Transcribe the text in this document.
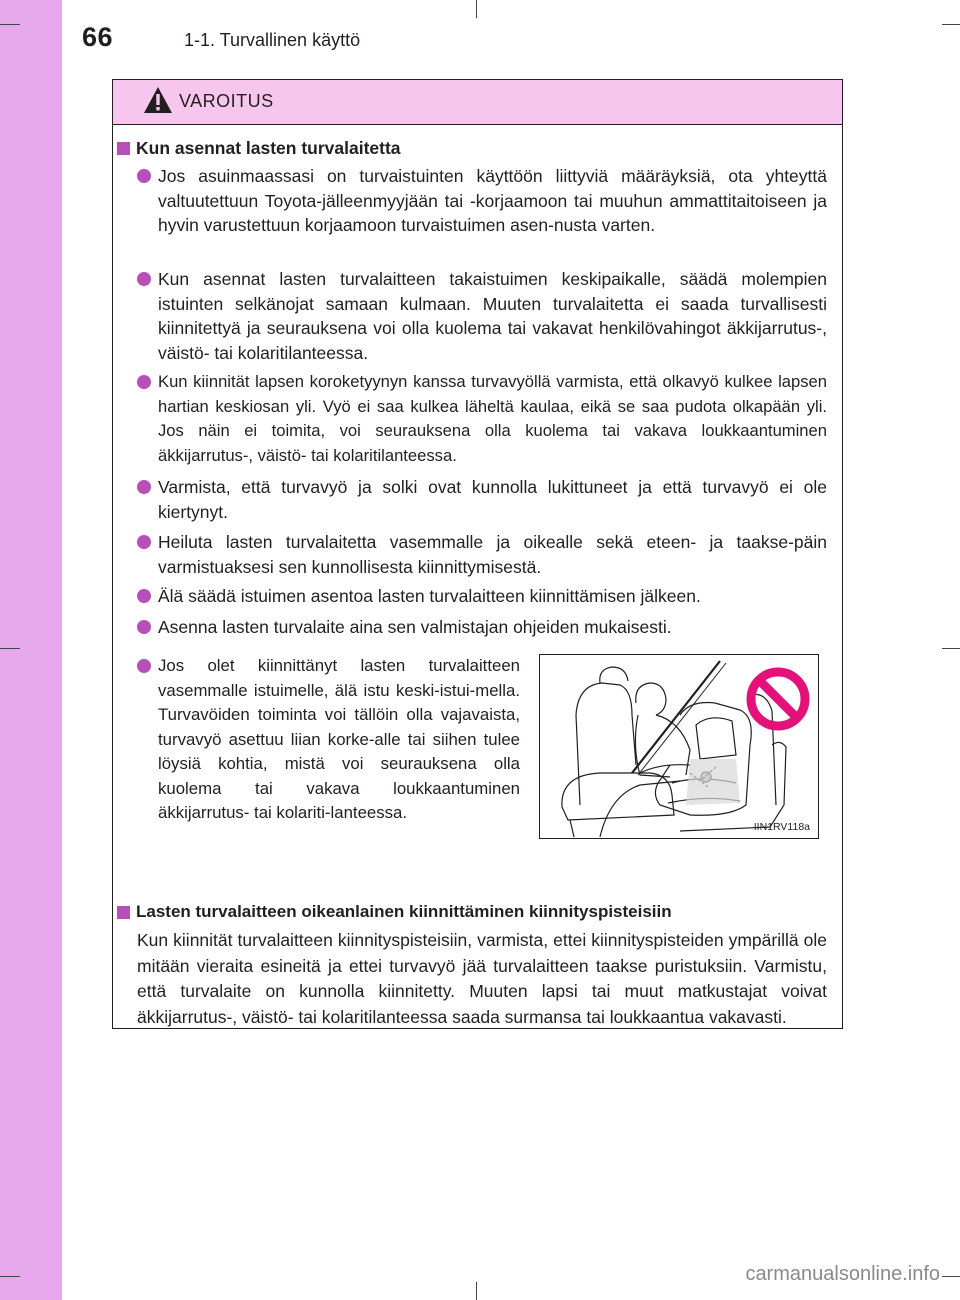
66	1-1. Turvallinen käyttö
VAROITUS
Kun asennat lasten turvalaitetta
Jos asuinmaassasi on turvaistuinten käyttöön liittyviä määräyksiä, ota yhteyttä valtuutettuun Toyota-jälleenmyyjään tai -korjaamoon tai muuhun ammattitaitoiseen ja hyvin varustettuun korjaamoon turvaistuimen asen-nusta varten.
Kun asennat lasten turvalaitteen takaistuimen keskipaikalle, säädä molempien istuinten selkänojat samaan kulmaan. Muuten turvalaitetta ei saada turvallisesti kiinnitettyä ja seurauksena voi olla kuolema tai vakavat henkilövahingot äkkijarrutus-, väistö- tai kolaritilanteessa.
Kun kiinnität lapsen koroketyynyn kanssa turvavyöllä varmista, että olkavyö kulkee lapsen hartian keskiosan yli. Vyö ei saa kulkea läheltä kaulaa, eikä se saa pudota olkapään yli. Jos näin ei toimita, voi seurauksena olla kuolema tai vakava loukkaantuminen äkkijarrutus-, väistö- tai kolaritilanteessa.
Varmista, että turvavyö ja solki ovat kunnolla lukittuneet ja että turvavyö ei ole kiertynyt.
Heiluta lasten turvalaitetta vasemmalle ja oikealle sekä eteen- ja taakse-päin varmistuaksesi sen kunnollisesta kiinnittymisestä.
Älä säädä istuimen asentoa lasten turvalaitteen kiinnittämisen jälkeen.
Asenna lasten turvalaite aina sen valmistajan ohjeiden mukaisesti.
Jos olet kiinnittänyt lasten turvalaitteen vasemmalle istuimelle, älä istu keski-istui-mella. Turvavöiden toiminta voi tällöin olla vajavaista, turvavyö asettuu liian korke-alle tai siihen tulee löysiä kohtia, mistä voi seurauksena olla kuolema tai vakava loukkaantuminen äkkijarrutus- tai kolariti-lanteessa.
Lasten turvalaitteen oikeanlainen kiinnittäminen kiinnityspisteisiin
Kun kiinnität turvalaitteen kiinnityspisteisiin, varmista, ettei kiinnityspisteiden ympärillä ole mitään vieraita esineitä ja ettei turvavyö jää turvalaitteen taakse puristuksiin. Varmistu, että turvalaite on kunnolla kiinnitetty. Muuten lapsi tai muut matkustajat voivat äkkijarrutus-, väistö- tai kolaritilanteessa saada surmansa tai loukkaantua vakavasti.
IIN1RV118a
carmanualsonline.info
